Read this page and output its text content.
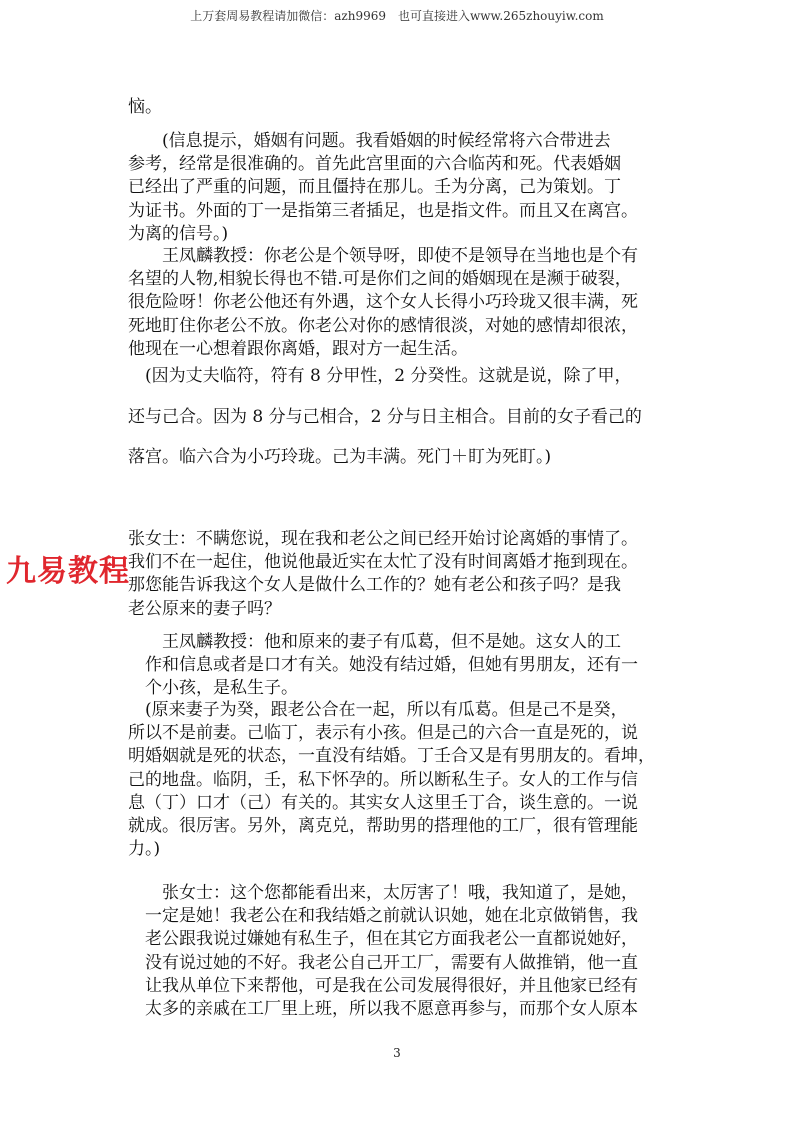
上万套周易教程请加微信：azh9969　也可直接进入www.265zhouyiw.com

恼。

　　(信息提示，婚姻有问题。我看婚姻的时候经常将六合带进去
参考，经常是很准确的。首先此宫里面的六合临芮和死。代表婚姻
已经出了严重的问题，而且僵持在那儿。壬为分离，己为策划。丁
为证书。外面的丁一是指第三者插足，也是指文件。而且又在离宫。
为离的信号。)

　　王凤麟教授：你老公是个领导呀，即使不是领导在当地也是个有
名望的人物,相貌长得也不错.可是你们之间的婚姻现在是濒于破裂，
很危险呀！你老公他还有外遇，这个女人长得小巧玲珑又很丰满，死
死地盯住你老公不放。你老公对你的感情很淡，对她的感情却很浓，
他现在一心想着跟你离婚，跟对方一起生活。

　(因为丈夫临符，符有 8 分甲性，2 分癸性。这就是说，除了甲，

还与己合。因为 8 分与己相合，2 分与日主相合。目前的女子看己的

落宫。临六合为小巧玲珑。己为丰满。死门＋盯为死盯。)

张女士：不瞒您说，现在我和老公之间已经开始讨论离婚的事情了。
我们不在一起住，他说他最近实在太忙了没有时间离婚才拖到现在。
那您能告诉我这个女人是做什么工作的？她有老公和孩子吗？是我
老公原来的妻子吗？

　　王凤麟教授：他和原来的妻子有瓜葛，但不是她。这女人的工
　作和信息或者是口才有关。她没有结过婚，但她有男朋友，还有一
　个小孩，是私生子。

　(原来妻子为癸，跟老公合在一起，所以有瓜葛。但是己不是癸，
所以不是前妻。己临丁，表示有小孩。但是己的六合一直是死的，说
明婚姻就是死的状态，一直没有结婚。丁壬合又是有男朋友的。看坤，
己的地盘。临阴，壬，私下怀孕的。所以断私生子。女人的工作与信
息（丁）口才（己）有关的。其实女人这里壬丁合，谈生意的。一说
就成。很厉害。另外，离克兑，帮助男的搭理他的工厂，很有管理能
力。)

　　张女士：这个您都能看出来，太厉害了！哦，我知道了，是她，
　一定是她！我老公在和我结婚之前就认识她，她在北京做销售，我
　老公跟我说过嫌她有私生子，但在其它方面我老公一直都说她好，
　没有说过她的不好。我老公自己开工厂，需要有人做推销，他一直
　让我从单位下来帮他，可是我在公司发展得很好，并且他家已经有
　太多的亲戚在工厂里上班，所以我不愿意再参与，而那个女人原本

九易教程
3
